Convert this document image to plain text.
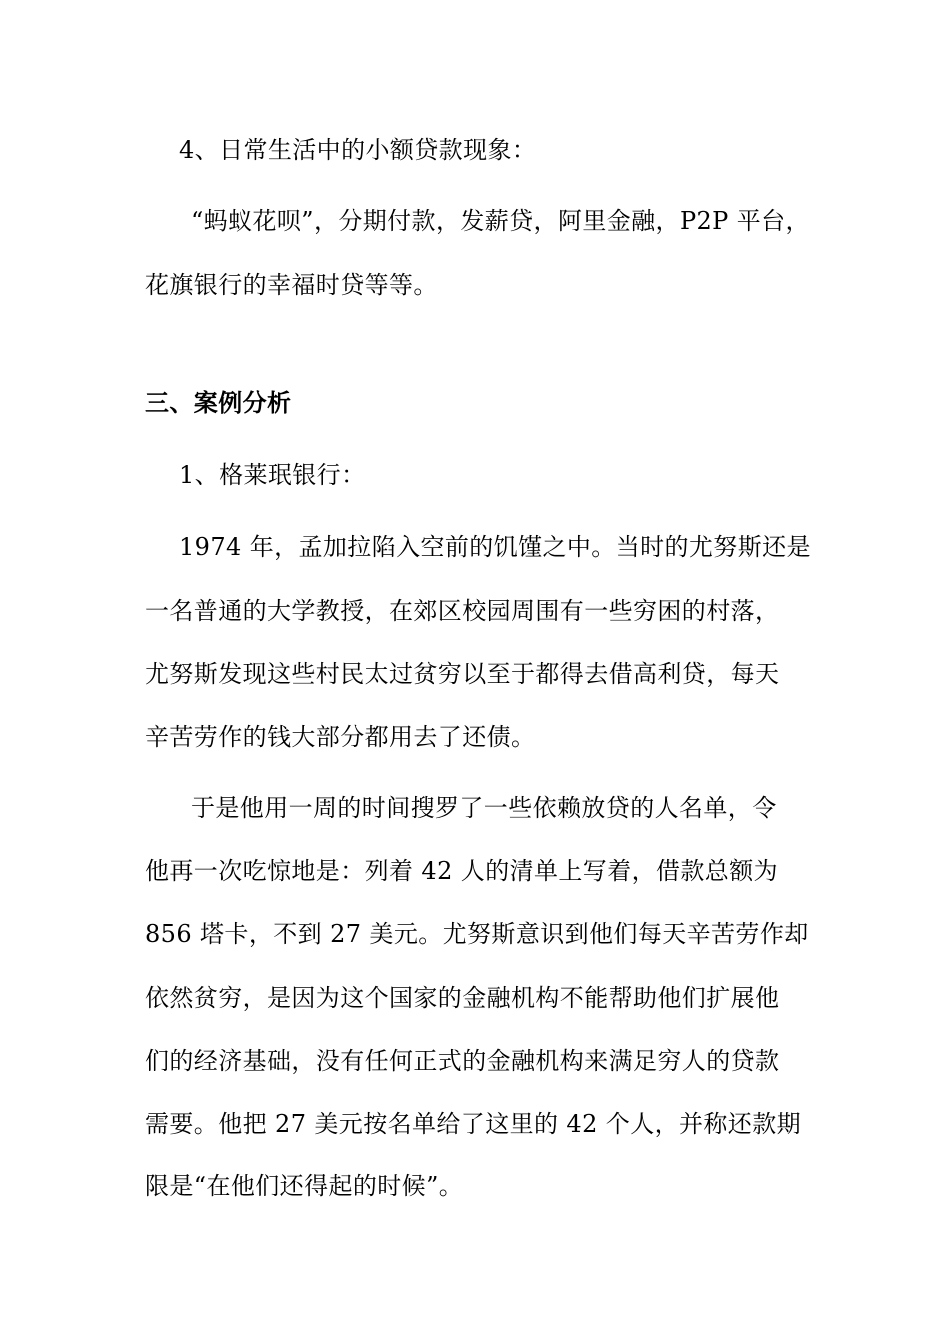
4、日常生活中的小额贷款现象：
“蚂蚁花呗”，分期付款，发薪贷，阿里金融，P2P 平台，
花旗银行的幸福时贷等等。
三、案例分析
1、格莱珉银行：
1974 年，孟加拉陷入空前的饥馑之中。当时的尤努斯还是
一名普通的大学教授，在郊区校园周围有一些穷困的村落，
尤努斯发现这些村民太过贫穷以至于都得去借高利贷，每天
辛苦劳作的钱大部分都用去了还债。
于是他用一周的时间搜罗了一些依赖放贷的人名单，令
他再一次吃惊地是：列着 42 人的清单上写着，借款总额为
856 塔卡，不到 27 美元。尤努斯意识到他们每天辛苦劳作却
依然贫穷，是因为这个国家的金融机构不能帮助他们扩展他
们的经济基础，没有任何正式的金融机构来满足穷人的贷款
需要。他把 27 美元按名单给了这里的 42 个人，并称还款期
限是“在他们还得起的时候”。
